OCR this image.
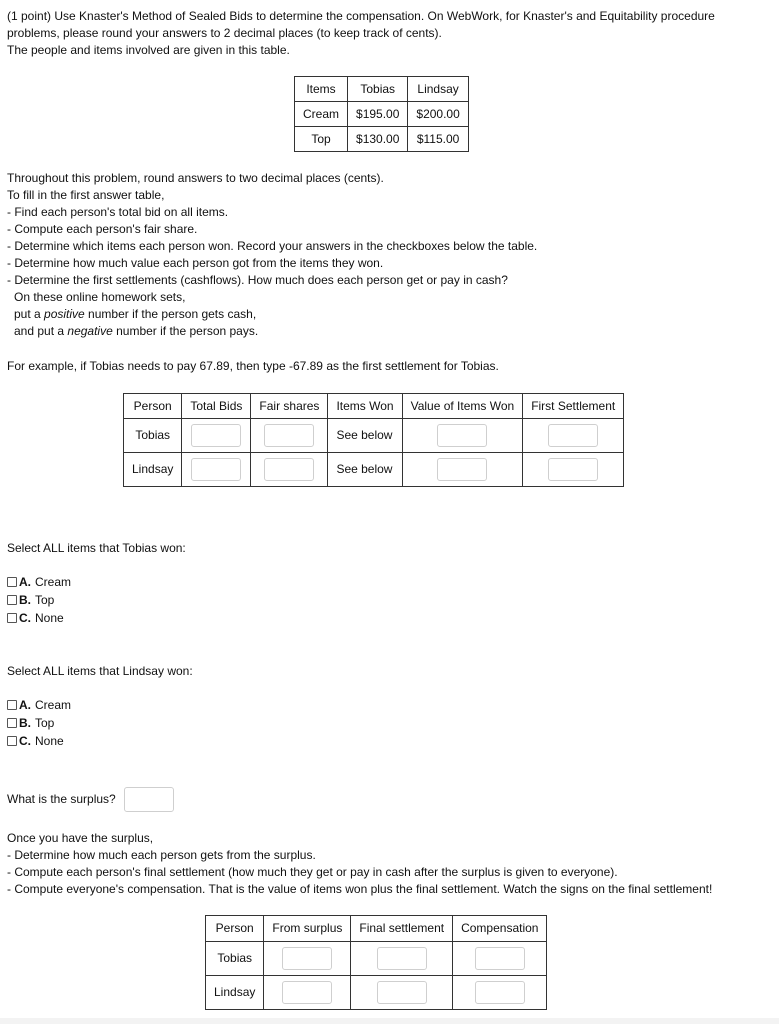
(1 point) Use Knaster's Method of Sealed Bids to determine the compensation. On WebWork, for Knaster's and Equitability procedure

problems, please round your answers to 2 decimal places (to keep track of cents).

The people and items involved are given in this table.

Items	Tobias	Lindsay
Cream	$195.00	$200.00
Top	$130.00	$115.00

Throughout this problem, round answers to two decimal places (cents).

To fill in the first answer table,

- Find each person's total bid on all items.

- Compute each person's fair share.

- Determine which items each person won. Record your answers in the checkboxes below the table.

- Determine how much value each person got from the items they won.

- Determine the first settlements (cashflows). How much does each person get or pay in cash?

On these online homework sets,

put a positive number if the person gets cash,

and put a negative number if the person pays.

For example, if Tobias needs to pay 67.89, then type -67.89 as the first settlement for Tobias.

Person	Total Bids	Fair shares	Items Won	Value of Items Won	First Settlement
Tobias			See below		
Lindsay			See below		

Select ALL items that Tobias won:

A. Cream
B. Top
C. None

Select ALL items that Lindsay won:

A. Cream
B. Top
C. None
What is the surplus?

Once you have the surplus,

- Determine how much each person gets from the surplus.

- Compute each person's final settlement (how much they get or pay in cash after the surplus is given to everyone).

- Compute everyone's compensation. That is the value of items won plus the final settlement. Watch the signs on the final settlement!

Person	From surplus	Final settlement	Compensation
Tobias			
Lindsay			
